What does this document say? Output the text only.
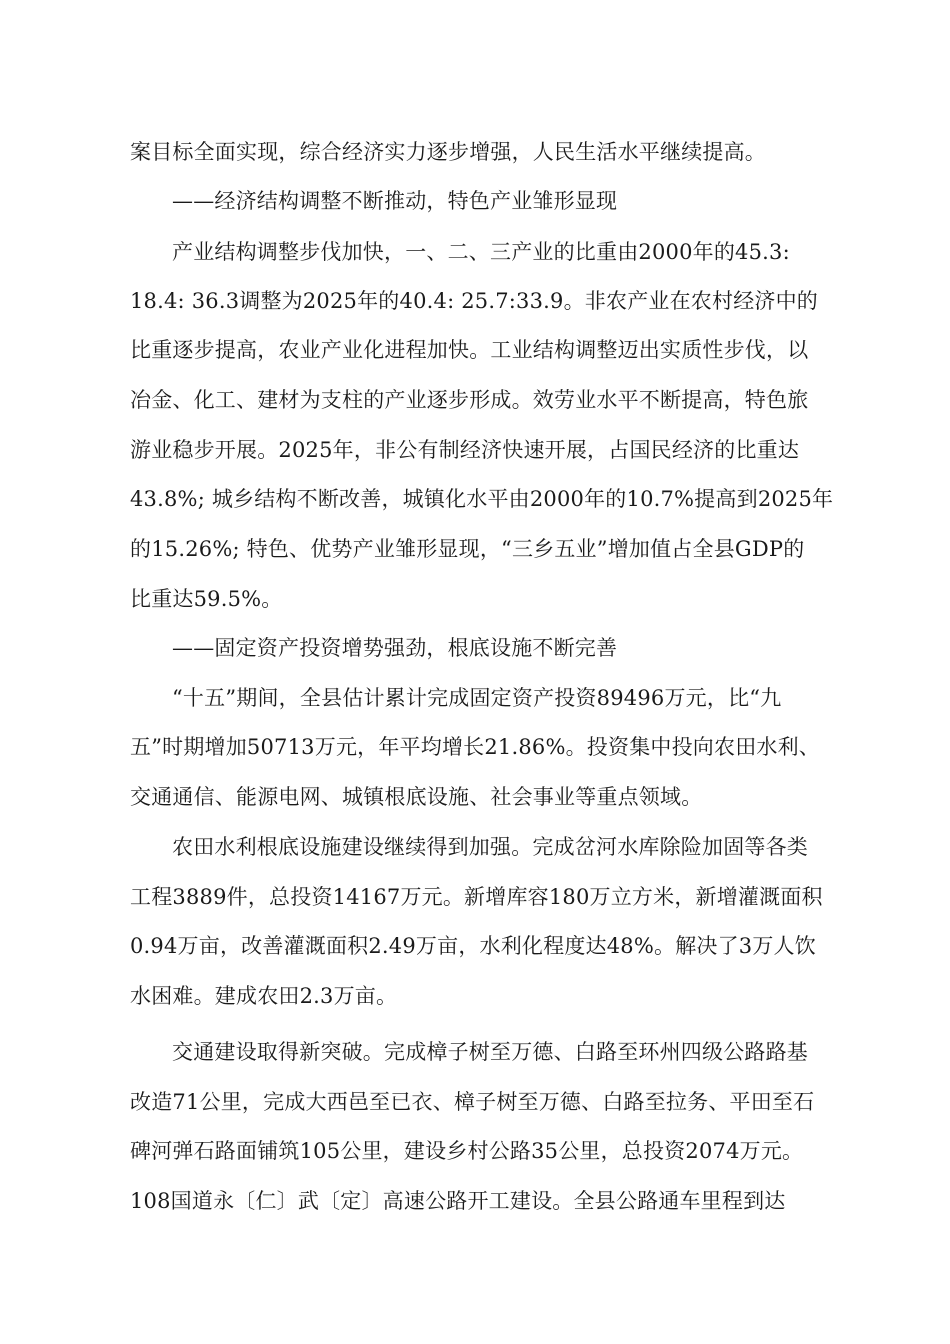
案目标全面实现，综合经济实力逐步增强，人民生活水平继续提高。
——经济结构调整不断推动，特色产业雏形显现
产业结构调整步伐加快，一、二、三产业的比重由2000年的45.3:
18.4: 36.3调整为2025年的40.4: 25.7:33.9。非农产业在农村经济中的
比重逐步提高，农业产业化进程加快。工业结构调整迈出实质性步伐，以
冶金、化工、建材为支柱的产业逐步形成。效劳业水平不断提高，特色旅
游业稳步开展。2025年，非公有制经济快速开展，占国民经济的比重达
43.8%; 城乡结构不断改善，城镇化水平由2000年的10.7%提高到2025年
的15.26%; 特色、优势产业雏形显现，“三乡五业”增加值占全县GDP的
比重达59.5%。
——固定资产投资增势强劲，根底设施不断完善
“十五”期间，全县估计累计完成固定资产投资89496万元，比“九
五”时期增加50713万元，年平均增长21.86%。投资集中投向农田水利、
交通通信、能源电网、城镇根底设施、社会事业等重点领域。
农田水利根底设施建设继续得到加强。完成岔河水库除险加固等各类
工程3889件，总投资14167万元。新增库容180万立方米，新增灌溉面积
0.94万亩，改善灌溉面积2.49万亩，水利化程度达48%。解决了3万人饮
水困难。建成农田2.3万亩。
交通建设取得新突破。完成樟子树至万德、白路至环州四级公路路基
改造71公里，完成大西邑至已衣、樟子树至万德、白路至拉务、平田至石
碑河弹石路面铺筑105公里，建设乡村公路35公里，总投资2074万元。
108国道永〔仁〕武〔定〕高速公路开工建设。全县公路通车里程到达
